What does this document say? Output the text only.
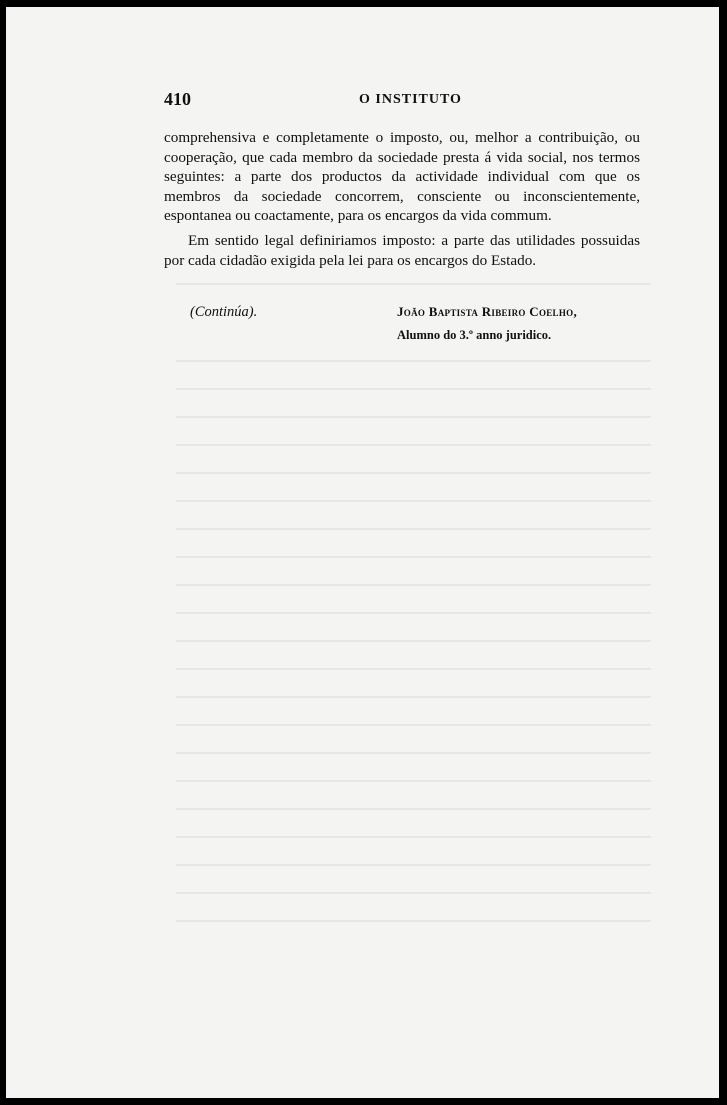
410	O INSTITUTO

comprehensiva e completamente o imposto, ou, melhor a contribuição, ou cooperação, que cada membro da sociedade presta á vida social, nos termos seguintes: a parte dos productos da actividade individual com que os membros da sociedade concorrem, consciente ou inconscientemente, espontanea ou coactamente, para os encargos da vida commum.

Em sentido legal definiriamos imposto: a parte das utilidades possuidas por cada cidadão exigida pela lei para os encargos do Estado.

(Continúa).	João Baptista Ribeiro Coelho,
Alumno do 3.º anno juridico.
